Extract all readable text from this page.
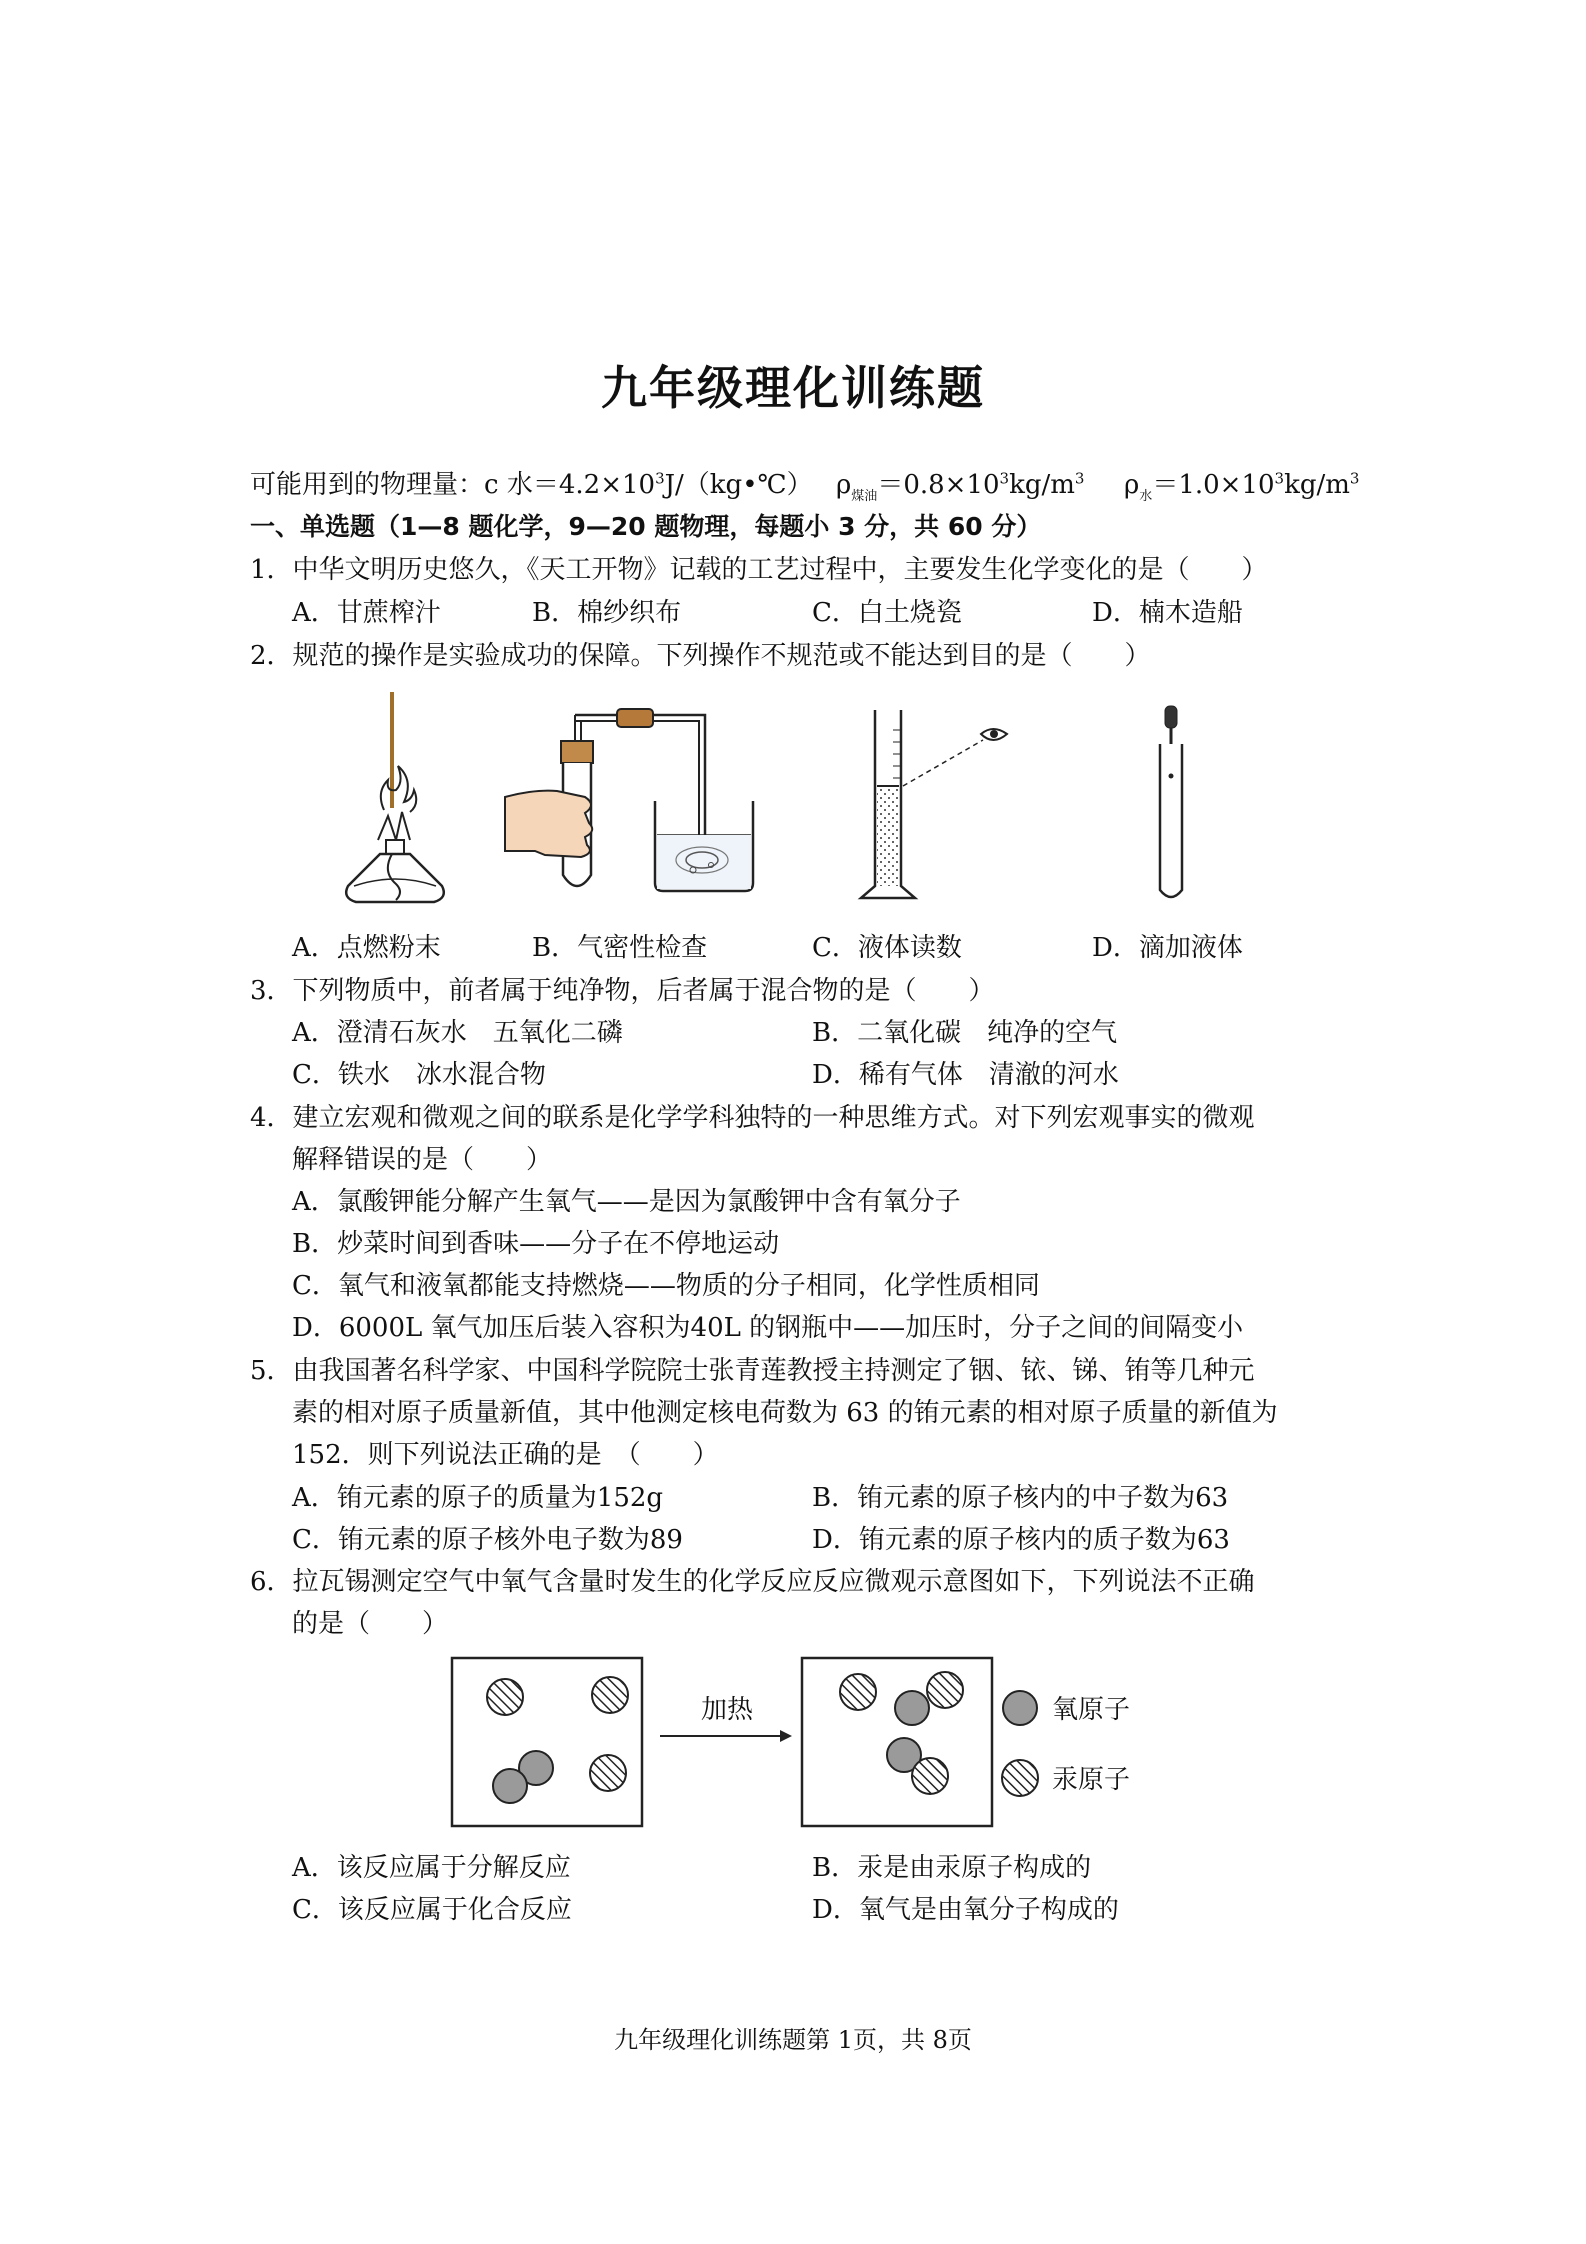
九年级理化训练题
可能用到的物理量：c 水$=4.2\times 10^3J/(kg•℃)$ $\rho_{煤油}=0.8\times 10^3kg/m^3$ $\rho_水=1.0\times 10^3kg/m^3$
一、单选题（1—8 题化学，9—20 题物理，每题小 3 分，共 60 分）
1．中华文明历史悠久，《天工开物》记载的工艺过程中，主要发生化学变化的是（　　）
A．甘蔗榨汁	B．棉纱织布	C．白土烧瓷	D．楠木造船
2．规范的操作是实验成功的保障。下列操作不规范或不能达到目的是（　　）
A．点燃粉末	B．气密性检查	C．液体读数	D．滴加液体
3．下列物质中，前者属于纯净物，后者属于混合物的是（　　）
A．澄清石灰水　五氧化二磷	B．二氧化碳　纯净的空气
C．铁水　冰水混合物	D．稀有气体　清澈的河水
4．建立宏观和微观之间的联系是化学学科独特的一种思维方式。对下列宏观事实的微观
解释错误的是（　　）
A．氯酸钾能分解产生氧气——是因为氯酸钾中含有氧分子
B．炒菜时间到香味——分子在不停地运动
C．氧气和液氧都能支持燃烧——物质的分子相同，化学性质相同
D．6000L 氧气加压后装入容积为40L 的钢瓶中——加压时，分子之间的间隔变小
5．由我国著名科学家、中国科学院院士张青莲教授主持测定了铟、铱、锑、铕等几种元
素的相对原子质量新值，其中他测定核电荷数为 63 的铕元素的相对原子质量的新值为
152．则下列说法正确的是　（　　）
A．铕元素的原子的质量为152g	B．铕元素的原子核内的中子数为63
C．铕元素的原子核外电子数为89	D．铕元素的原子核内的质子数为63
6．拉瓦锡测定空气中氧气含量时发生的化学反应反应微观示意图如下，下列说法不正确
的是（　　）
加热	氧原子
汞原子
A．该反应属于分解反应	B．汞是由汞原子构成的
C．该反应属于化合反应	D．氧气是由氧分子构成的
九年级理化训练题第 1页，共 8页
